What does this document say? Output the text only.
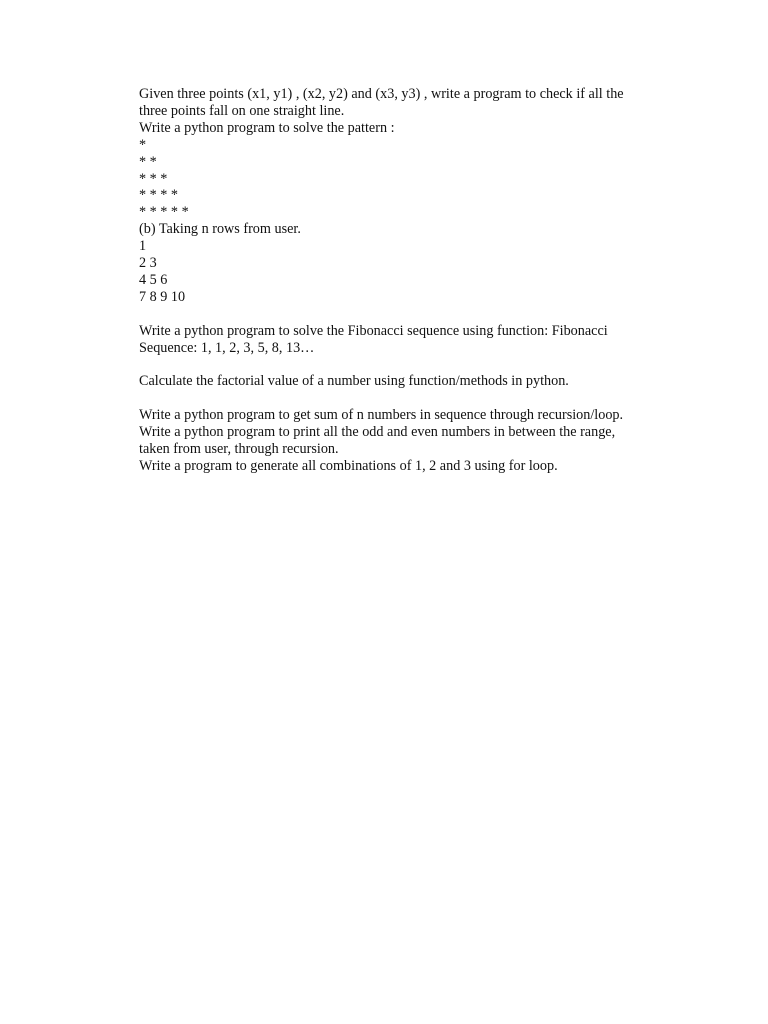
Given three points (x1, y1) , (x2, y2) and (x3, y3) , write a program to check if all the
three points fall on one straight line.
Write a python program to solve the pattern :
*
* *
* * *
* * * *
* * * * *
(b) Taking n rows from user.
1
2 3
4 5 6
7 8 9 10
Write a python program to solve the Fibonacci sequence using function: Fibonacci
Sequence: 1, 1, 2, 3, 5, 8, 13…
Calculate the factorial value of a number using function/methods in python.
Write a python program to get sum of n numbers in sequence through recursion/loop.
Write a python program to print all the odd and even numbers in between the range,
taken from user, through recursion.
Write a program to generate all combinations of 1, 2 and 3 using for loop.
